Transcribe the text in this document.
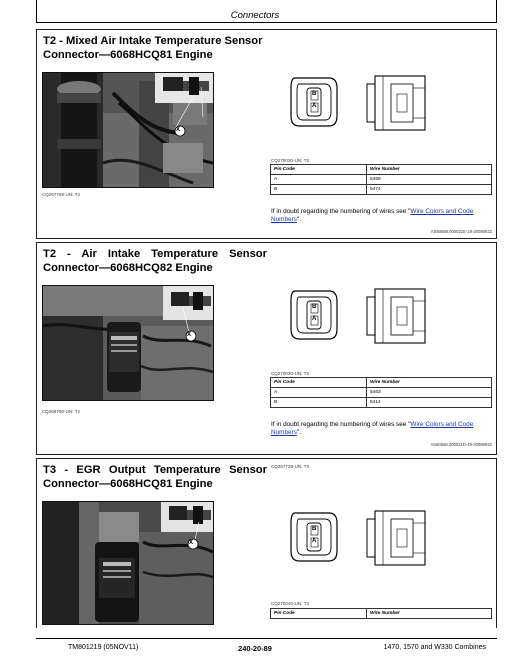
Connectors
T2 - Mixed Air Intake Temperature Sensor Connector—6068HCQ81 Engine
X
CQ267769-UN: T2
B
A
CQ270030-UN: T2
Pin Code	Wire Number
A	5459
B	5474
If in doubt regarding the numbering of wires see "Wire Colors and Code Numbers".
AS60558,000021E-19-20080922
T2 - Air Intake Temperature Sensor Connector—6068HCQ82 Engine
X
CQ268790-UN: T2
B
A
CQ270030-UN: T2
Pin Code	Wire Number
A	5463
B	5414
If in doubt regarding the numbering of wires see "Wire Colors and Code Numbers".
AS60558,000021D-19-20080922
T3 - EGR Output Temperature Sensor Connector—6068HCQ81 Engine
CQ267729-UN: T3
X
B
A
CQ270040-UN: T3
Pin Code	Wire Number
TM801219 (05NOV11)	240-20-89	1470, 1570 and W330 Combines
